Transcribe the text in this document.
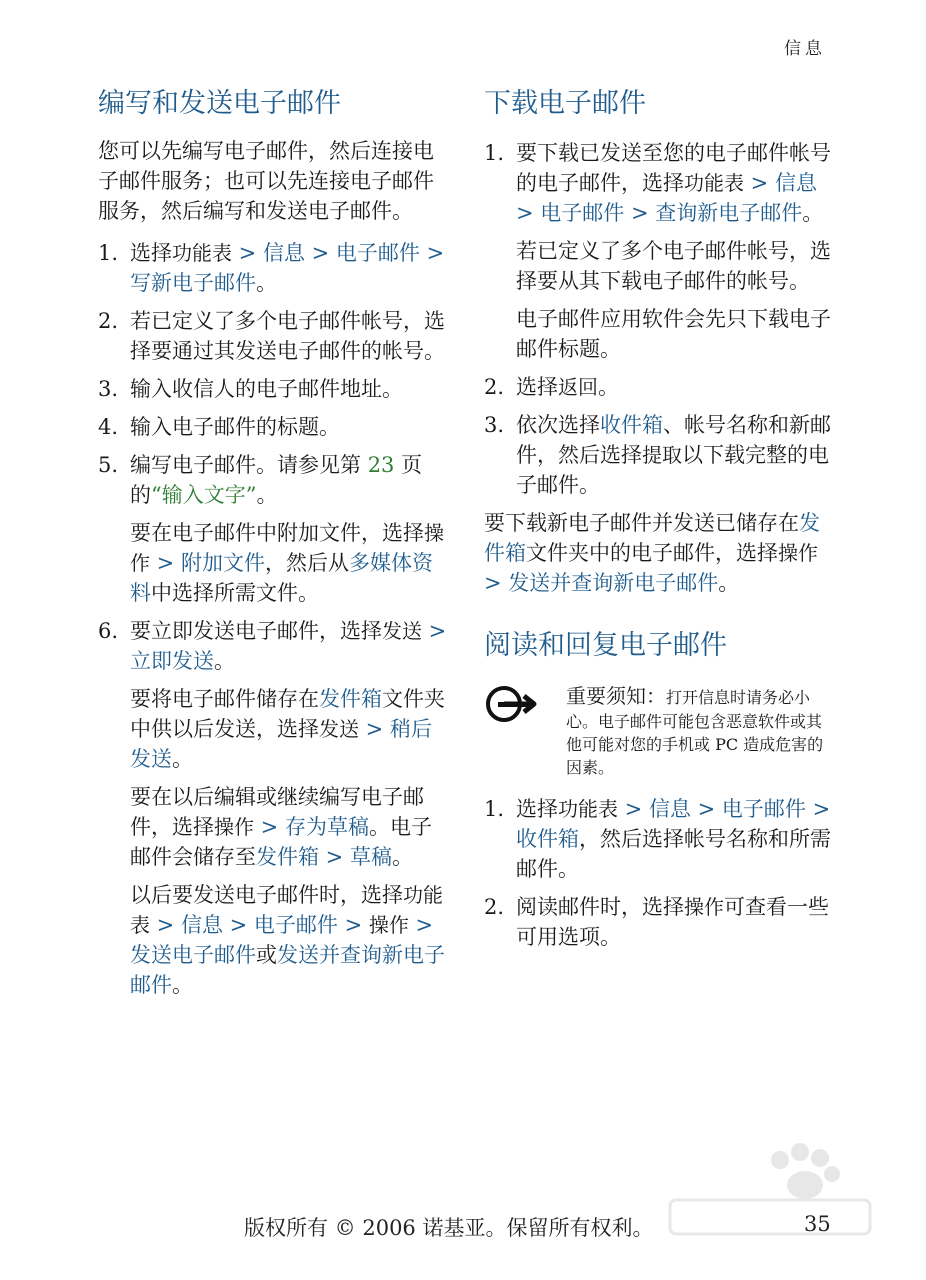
信息
编写和发送电子邮件

您可以先编写电子邮件，然后连接电子邮件服务；也可以先连接电子邮件服务，然后编写和发送电子邮件。

1. 选择功能表 > 信息 > 电子邮件 > 写新电子邮件。
2. 若已定义了多个电子邮件帐号，选择要通过其发送电子邮件的帐号。
3. 输入收信人的电子邮件地址。
4. 输入电子邮件的标题。
5. 编写电子邮件。请参见第 23 页的“输入文字”。
要在电子邮件中附加文件，选择操作 > 附加文件，然后从多媒体资料中选择所需文件。
6. 要立即发送电子邮件，选择发送 > 立即发送。
要将电子邮件储存在发件箱文件夹中供以后发送，选择发送 > 稍后发送。
要在以后编辑或继续编写电子邮件，选择操作 > 存为草稿。电子邮件会储存至发件箱 > 草稿。
以后要发送电子邮件时，选择功能表 > 信息 > 电子邮件 > 操作 > 发送电子邮件或发送并查询新电子邮件。
下载电子邮件
1. 要下载已发送至您的电子邮件帐号的电子邮件，选择功能表 > 信息 > 电子邮件 > 查询新电子邮件。
若已定义了多个电子邮件帐号，选择要从其下载电子邮件的帐号。
电子邮件应用软件会先只下载电子邮件标题。
2. 选择返回。
3. 依次选择收件箱、帐号名称和新邮件，然后选择提取以下载完整的电子邮件。

要下载新电子邮件并发送已储存在发件箱文件夹中的电子邮件，选择操作 > 发送并查询新电子邮件。

阅读和回复电子邮件
重要须知：打开信息时请务必小心。电子邮件可能包含恶意软件或其他可能对您的手机或 PC 造成危害的因素。
1. 选择功能表 > 信息 > 电子邮件 > 收件箱，然后选择帐号名称和所需邮件。
2. 阅读邮件时，选择操作可查看一些可用选项。
版权所有 © 2006 诺基亚。保留所有权利。	35
